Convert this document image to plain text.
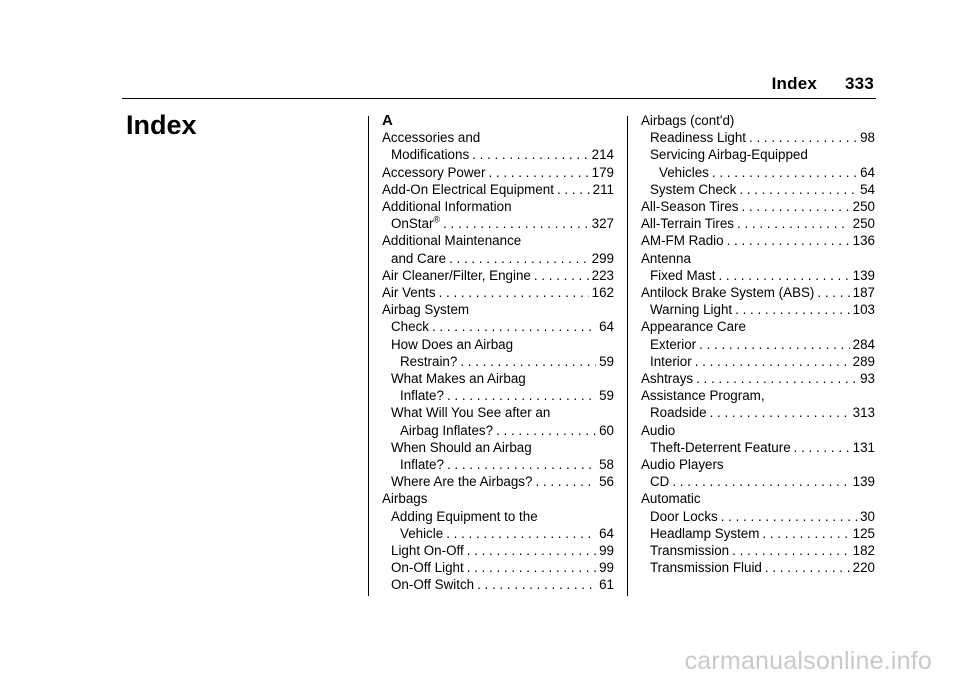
Index 333
Index	A
Accessories and
Modifications . . .	214
Accessory Power . . .	179
Add-On Electrical Equipment . . .	211
Additional Information
OnStar® . . .	327
Additional Maintenance
and Care . . .	299
Air Cleaner/Filter, Engine . . .	223
Air Vents . . .	162
Airbag System
Check . . .	64
How Does an Airbag
Restrain? . . .	59
What Makes an Airbag
Inflate? . . .	59
What Will You See after an
Airbag Inflates? . . .	60
When Should an Airbag
Inflate? . . .	58
Where Are the Airbags? . . .	56
Airbags
Adding Equipment to the
Vehicle . . .	64
Light On-Off . . .	99
On-Off Light . . .	99
On-Off Switch . . .	61
Airbags (cont'd)
Readiness Light . . .	98
Servicing Airbag-Equipped
Vehicles . . .	64
System Check . . .	54
All-Season Tires . . .	250
All-Terrain Tires . . .	250
AM-FM Radio . . .	136
Antenna
Fixed Mast . . .	139
Antilock Brake System (ABS) . . .	187
Warning Light . . .	103
Appearance Care
Exterior . . .	284
Interior . . .	289
Ashtrays . . .	93
Assistance Program,
Roadside . . .	313
Audio
Theft-Deterrent Feature . . .	131
Audio Players
CD . . .	139
Automatic
Door Locks . . .	30
Headlamp System . . .	125
Transmission . . .	182
Transmission Fluid . . .	220
carmanualsonline.info
